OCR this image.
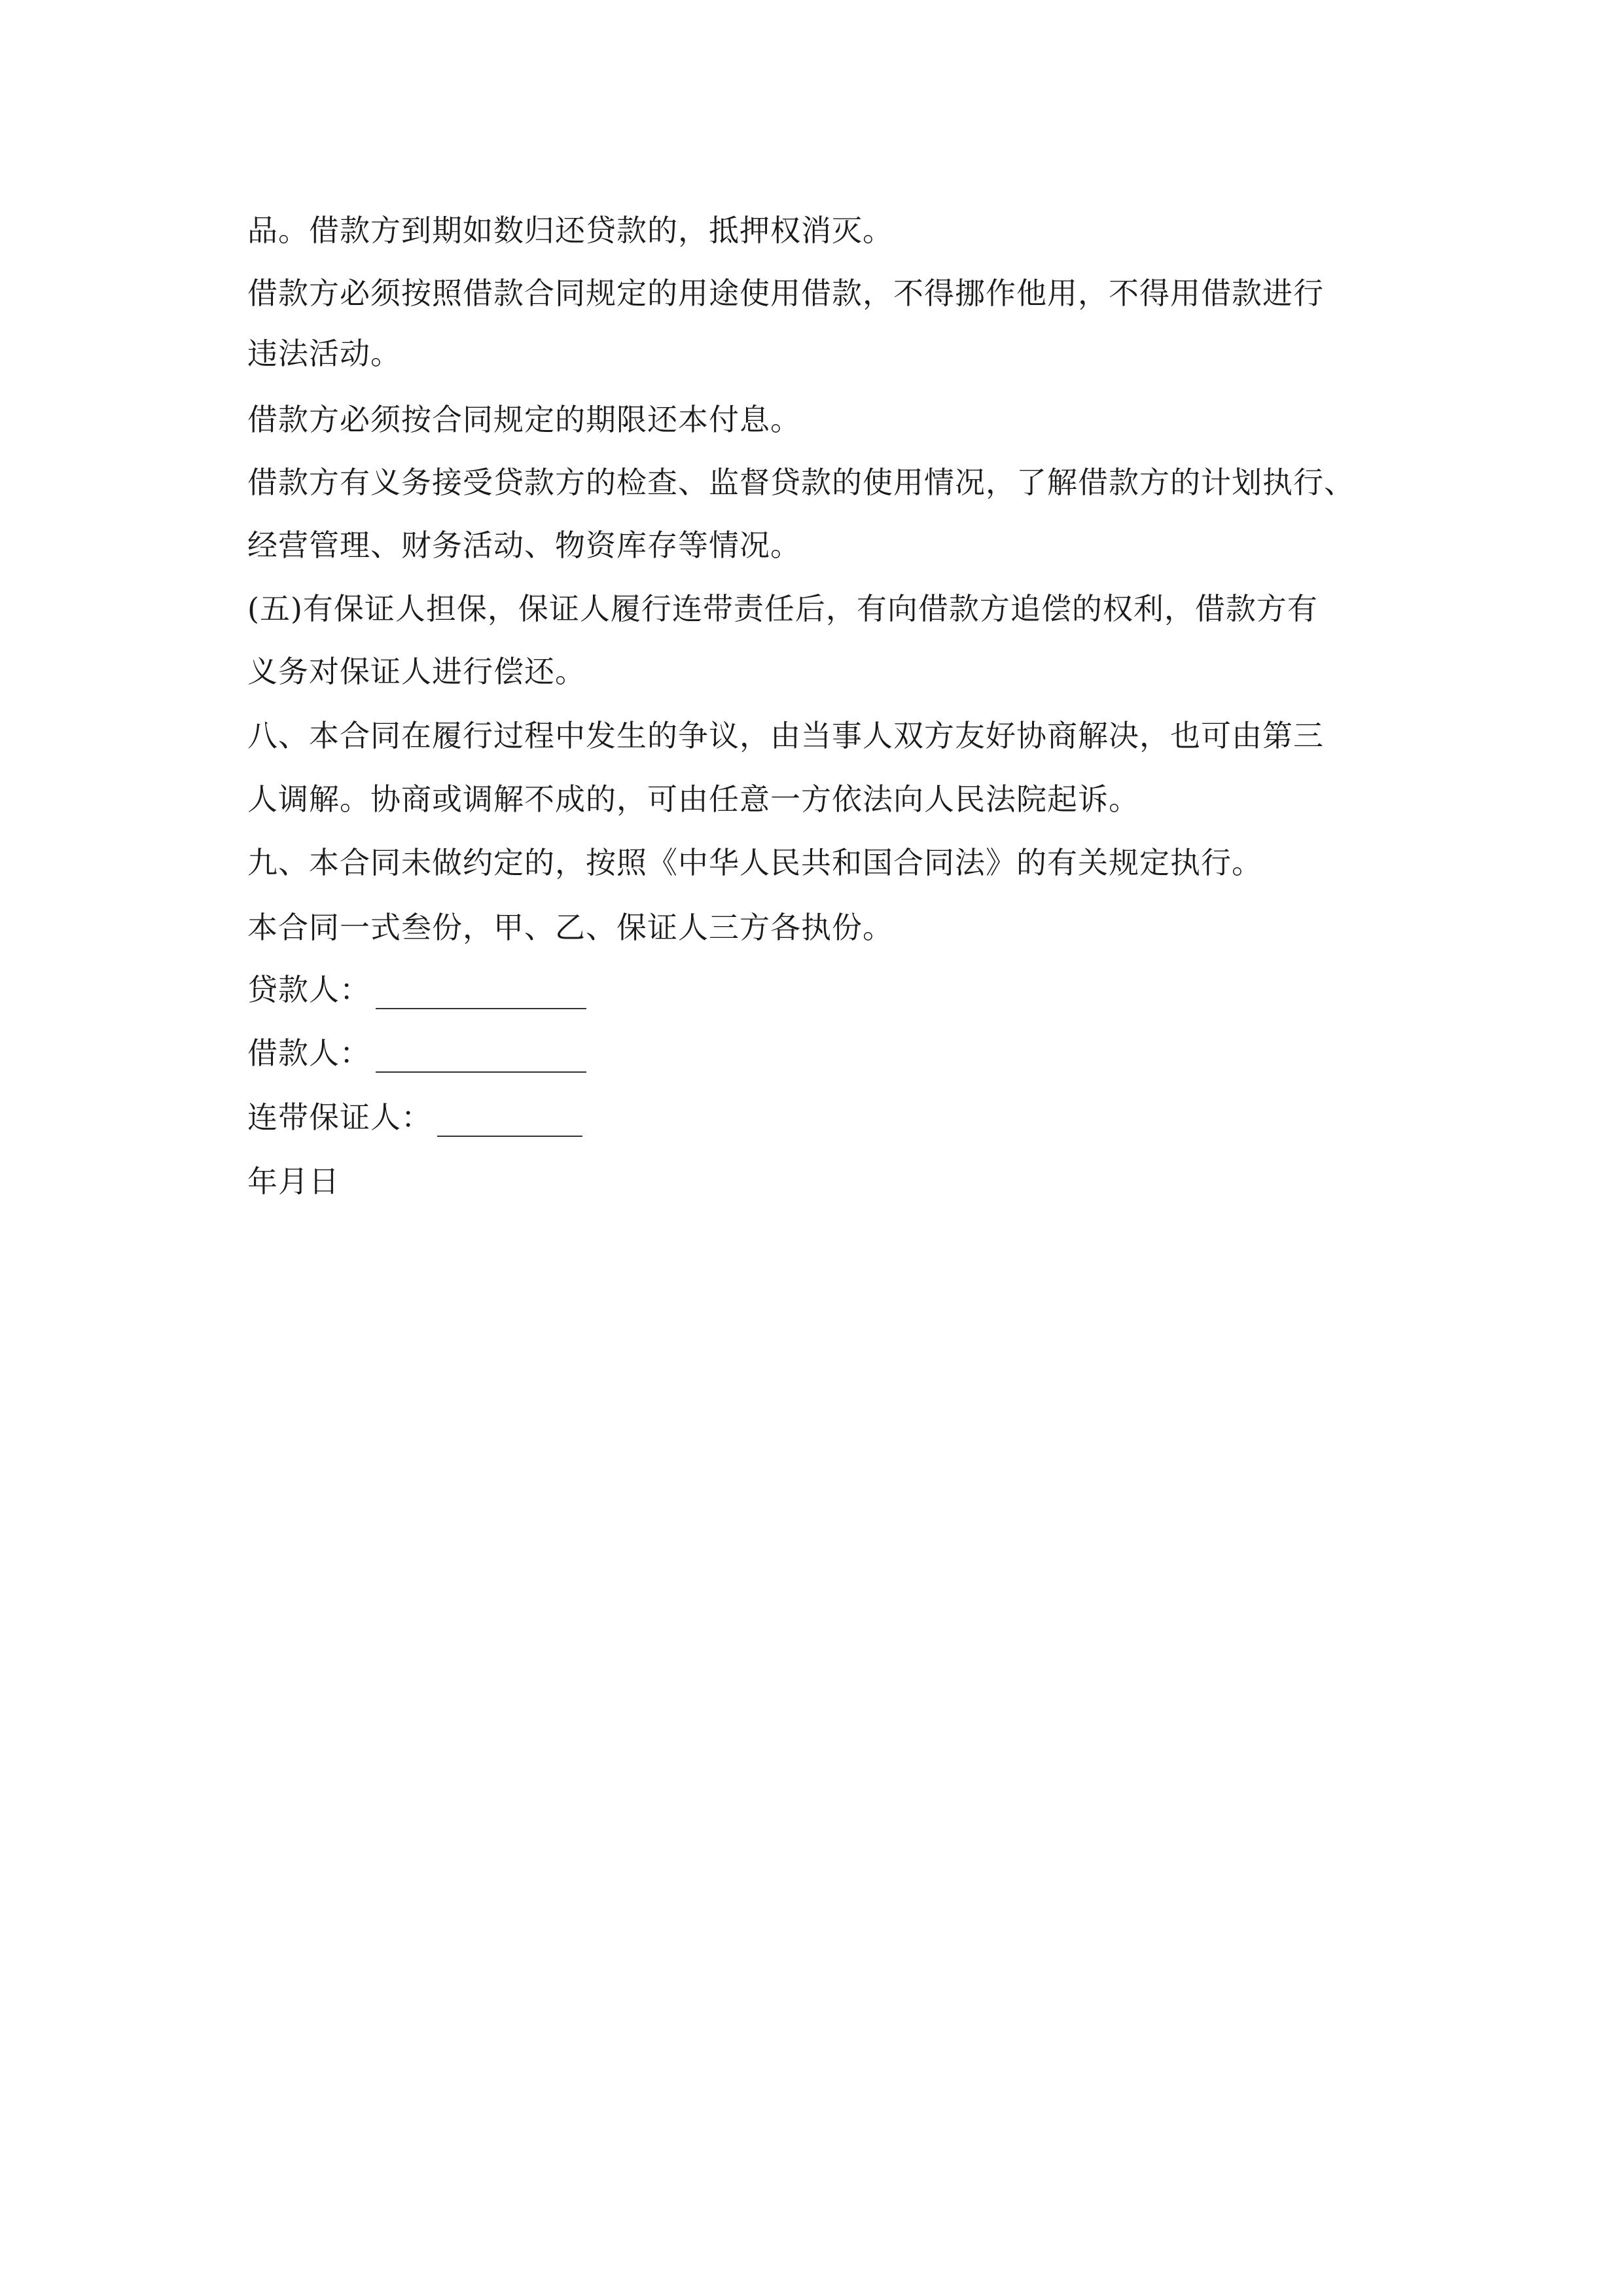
品。借款方到期如数归还贷款的，抵押权消灭。
借款方必须按照借款合同规定的用途使用借款，不得挪作他用，不得用借款进行
违法活动。
借款方必须按合同规定的期限还本付息。
借款方有义务接受贷款方的检查、监督贷款的使用情况，了解借款方的计划执行、
经营管理、财务活动、物资库存等情况。
(五)有保证人担保，保证人履行连带责任后，有向借款方追偿的权利，借款方有
义务对保证人进行偿还。
八、本合同在履行过程中发生的争议，由当事人双方友好协商解决，也可由第三
人调解。协商或调解不成的，可由任意一方依法向人民法院起诉。
九、本合同未做约定的，按照《中华人民共和国合同法》的有关规定执行。
本合同一式叁份，甲、乙、保证人三方各执份。
贷款人：
借款人：
连带保证人：
年月日
